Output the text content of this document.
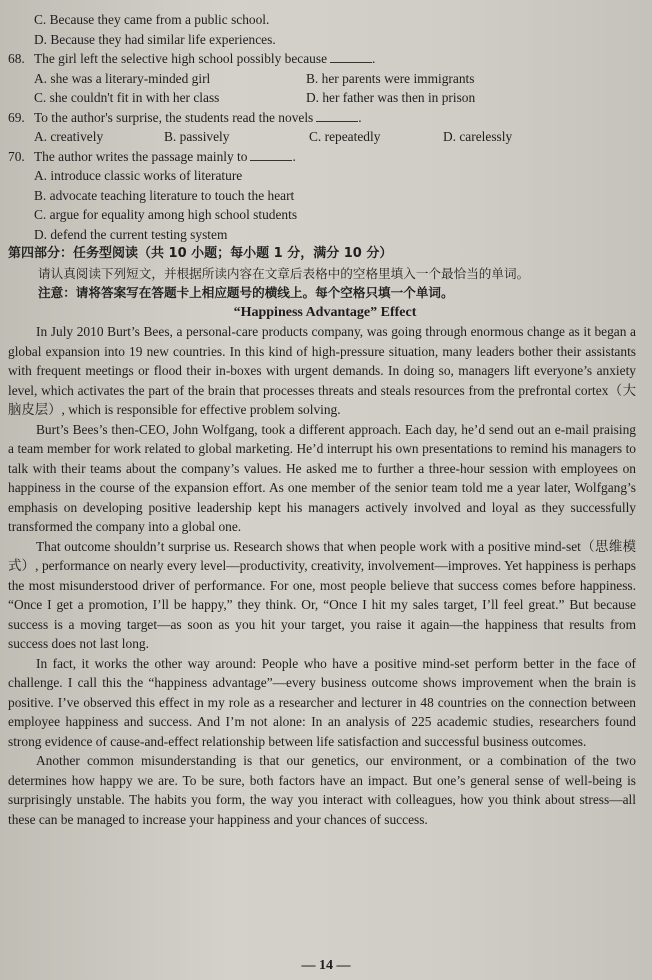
C. Because they came from a public school.
D. Because they had similar life experiences.
68. The girl left the selective high school possibly because	.
A. she was a literary-minded girl	B. her parents were immigrants
C. she couldn't fit in with her class	D. her father was then in prison
69. To the author's surprise, the students read the novels	.
A. creatively	B. passively	C. repeatedly	D. carelessly
70. The author writes the passage mainly to	.
A. introduce classic works of literature
B. advocate teaching literature to touch the heart
C. argue for equality among high school students
D. defend the current testing system
第四部分：任务型阅读（共 10 小题；每小题 1 分，满分 10 分）
请认真阅读下列短文，并根据所读内容在文章后表格中的空格里填入一个最恰当的单词。
注意：请将答案写在答题卡上相应题号的横线上。每个空格只填一个单词。
“Happiness Advantage” Effect

In July 2010 Burt’s Bees, a personal-care products company, was going through enormous change as it began a global expansion into 19 new countries. In this kind of high-pressure situation, many leaders bother their assistants with frequent meetings or flood their in-boxes with urgent demands. In doing so, managers lift everyone’s anxiety level, which activates the part of the brain that processes threats and steals resources from the prefrontal cortex（大脑皮层）, which is responsible for effective problem solving.

Burt’s Bees’s then-CEO, John Wolfgang, took a different approach. Each day, he’d send out an e-mail praising a team member for work related to global marketing. He’d interrupt his own presentations to remind his managers to talk with their teams about the company’s values. He asked me to further a three-hour session with employees on happiness in the course of the expansion effort. As one member of the senior team told me a year later, Wolfgang’s emphasis on developing positive leadership kept his managers actively involved and loyal as they successfully transformed the company into a global one.

That outcome shouldn’t surprise us. Research shows that when people work with a positive mind-set（思维模式）, performance on nearly every level—productivity, creativity, involvement—improves. Yet happiness is perhaps the most misunderstood driver of performance. For one, most people believe that success comes before happiness. “Once I get a promotion, I’ll be happy,” they think. Or, “Once I hit my sales target, I’ll feel great.” But because success is a moving target—as soon as you hit your target, you raise it again—the happiness that results from success does not last long.

In fact, it works the other way around: People who have a positive mind-set perform better in the face of challenge. I call this the “happiness advantage”—every business outcome shows improvement when the brain is positive. I’ve observed this effect in my role as a researcher and lecturer in 48 countries on the connection between employee happiness and success. And I’m not alone: In an analysis of 225 academic studies, researchers found strong evidence of cause-and-effect relationship between life satisfaction and successful business outcomes.

Another common misunderstanding is that our genetics, our environment, or a combination of the two determines how happy we are. To be sure, both factors have an impact. But one’s general sense of well-being is surprisingly unstable. The habits you form, the way you interact with colleagues, how you think about stress—all these can be managed to increase your happiness and your chances of success.

— 14 —
